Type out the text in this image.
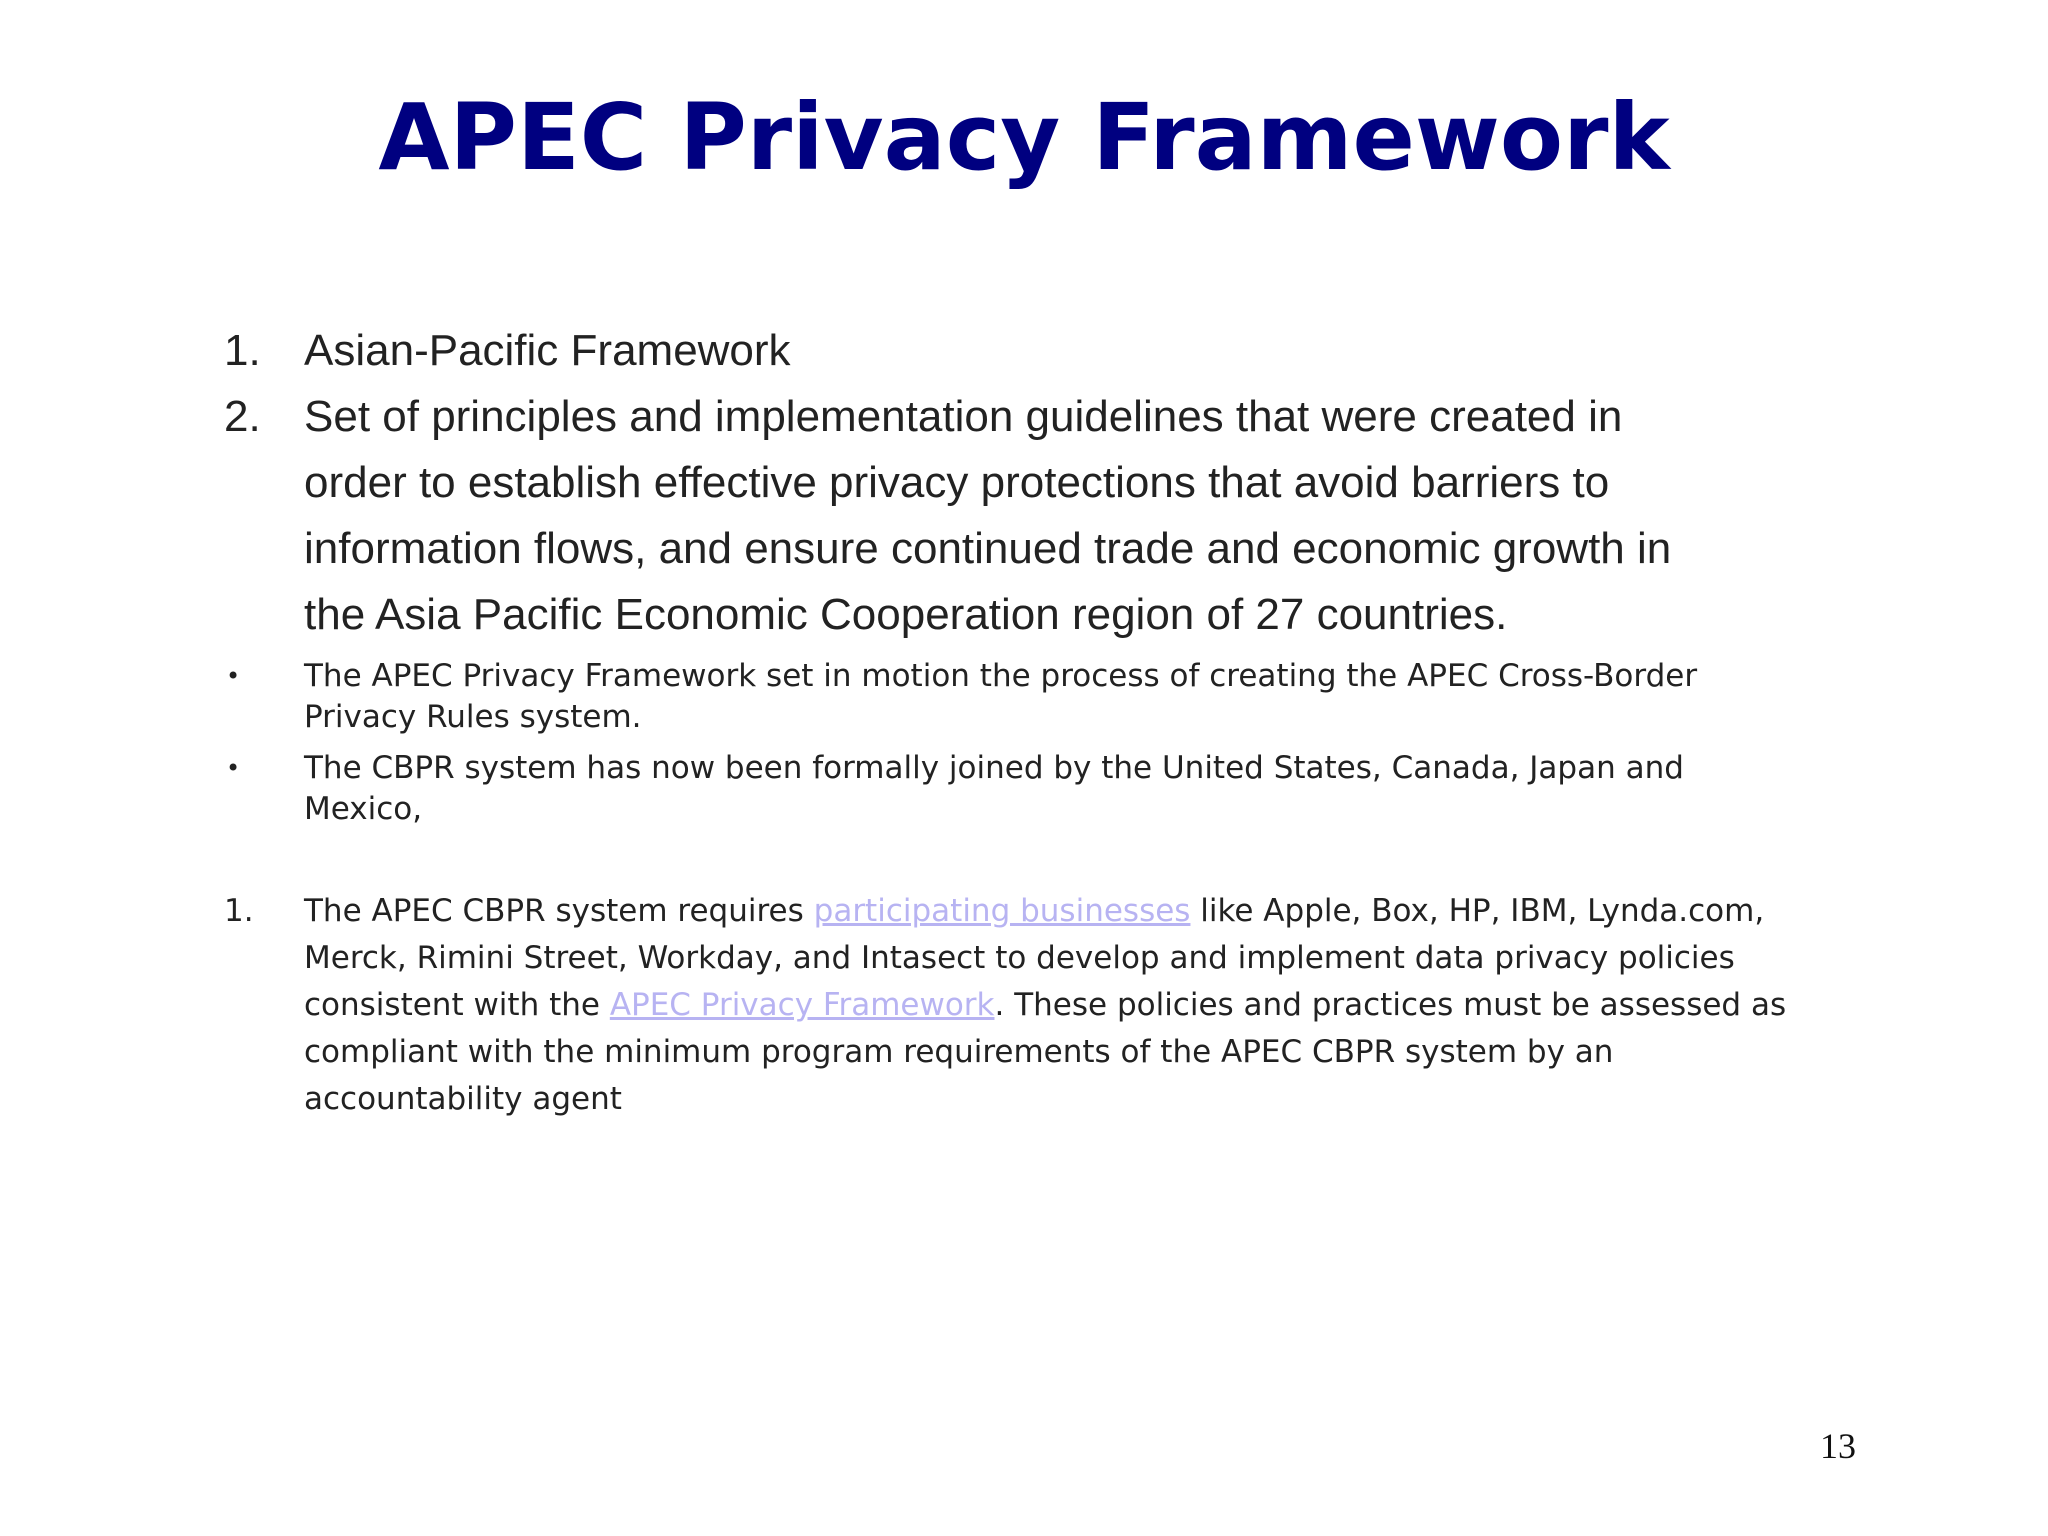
APEC Privacy Framework
1. Asian-Pacific Framework
2. Set of principles and implementation guidelines that were created in
order to establish effective privacy protections that avoid barriers to
information flows, and ensure continued trade and economic growth in
the Asia Pacific Economic Cooperation region of 27 countries.
• The APEC Privacy Framework set in motion the process of creating the APEC Cross-Border
Privacy Rules system.
• The CBPR system has now been formally joined by the United States, Canada, Japan and
Mexico,
1. The APEC CBPR system requires participating businesses like Apple, Box, HP, IBM, Lynda.com,
Merck, Rimini Street, Workday, and Intasect to develop and implement data privacy policies
consistent with the APEC Privacy Framework. These policies and practices must be assessed as
compliant with the minimum program requirements of the APEC CBPR system by an
accountability agent
13
